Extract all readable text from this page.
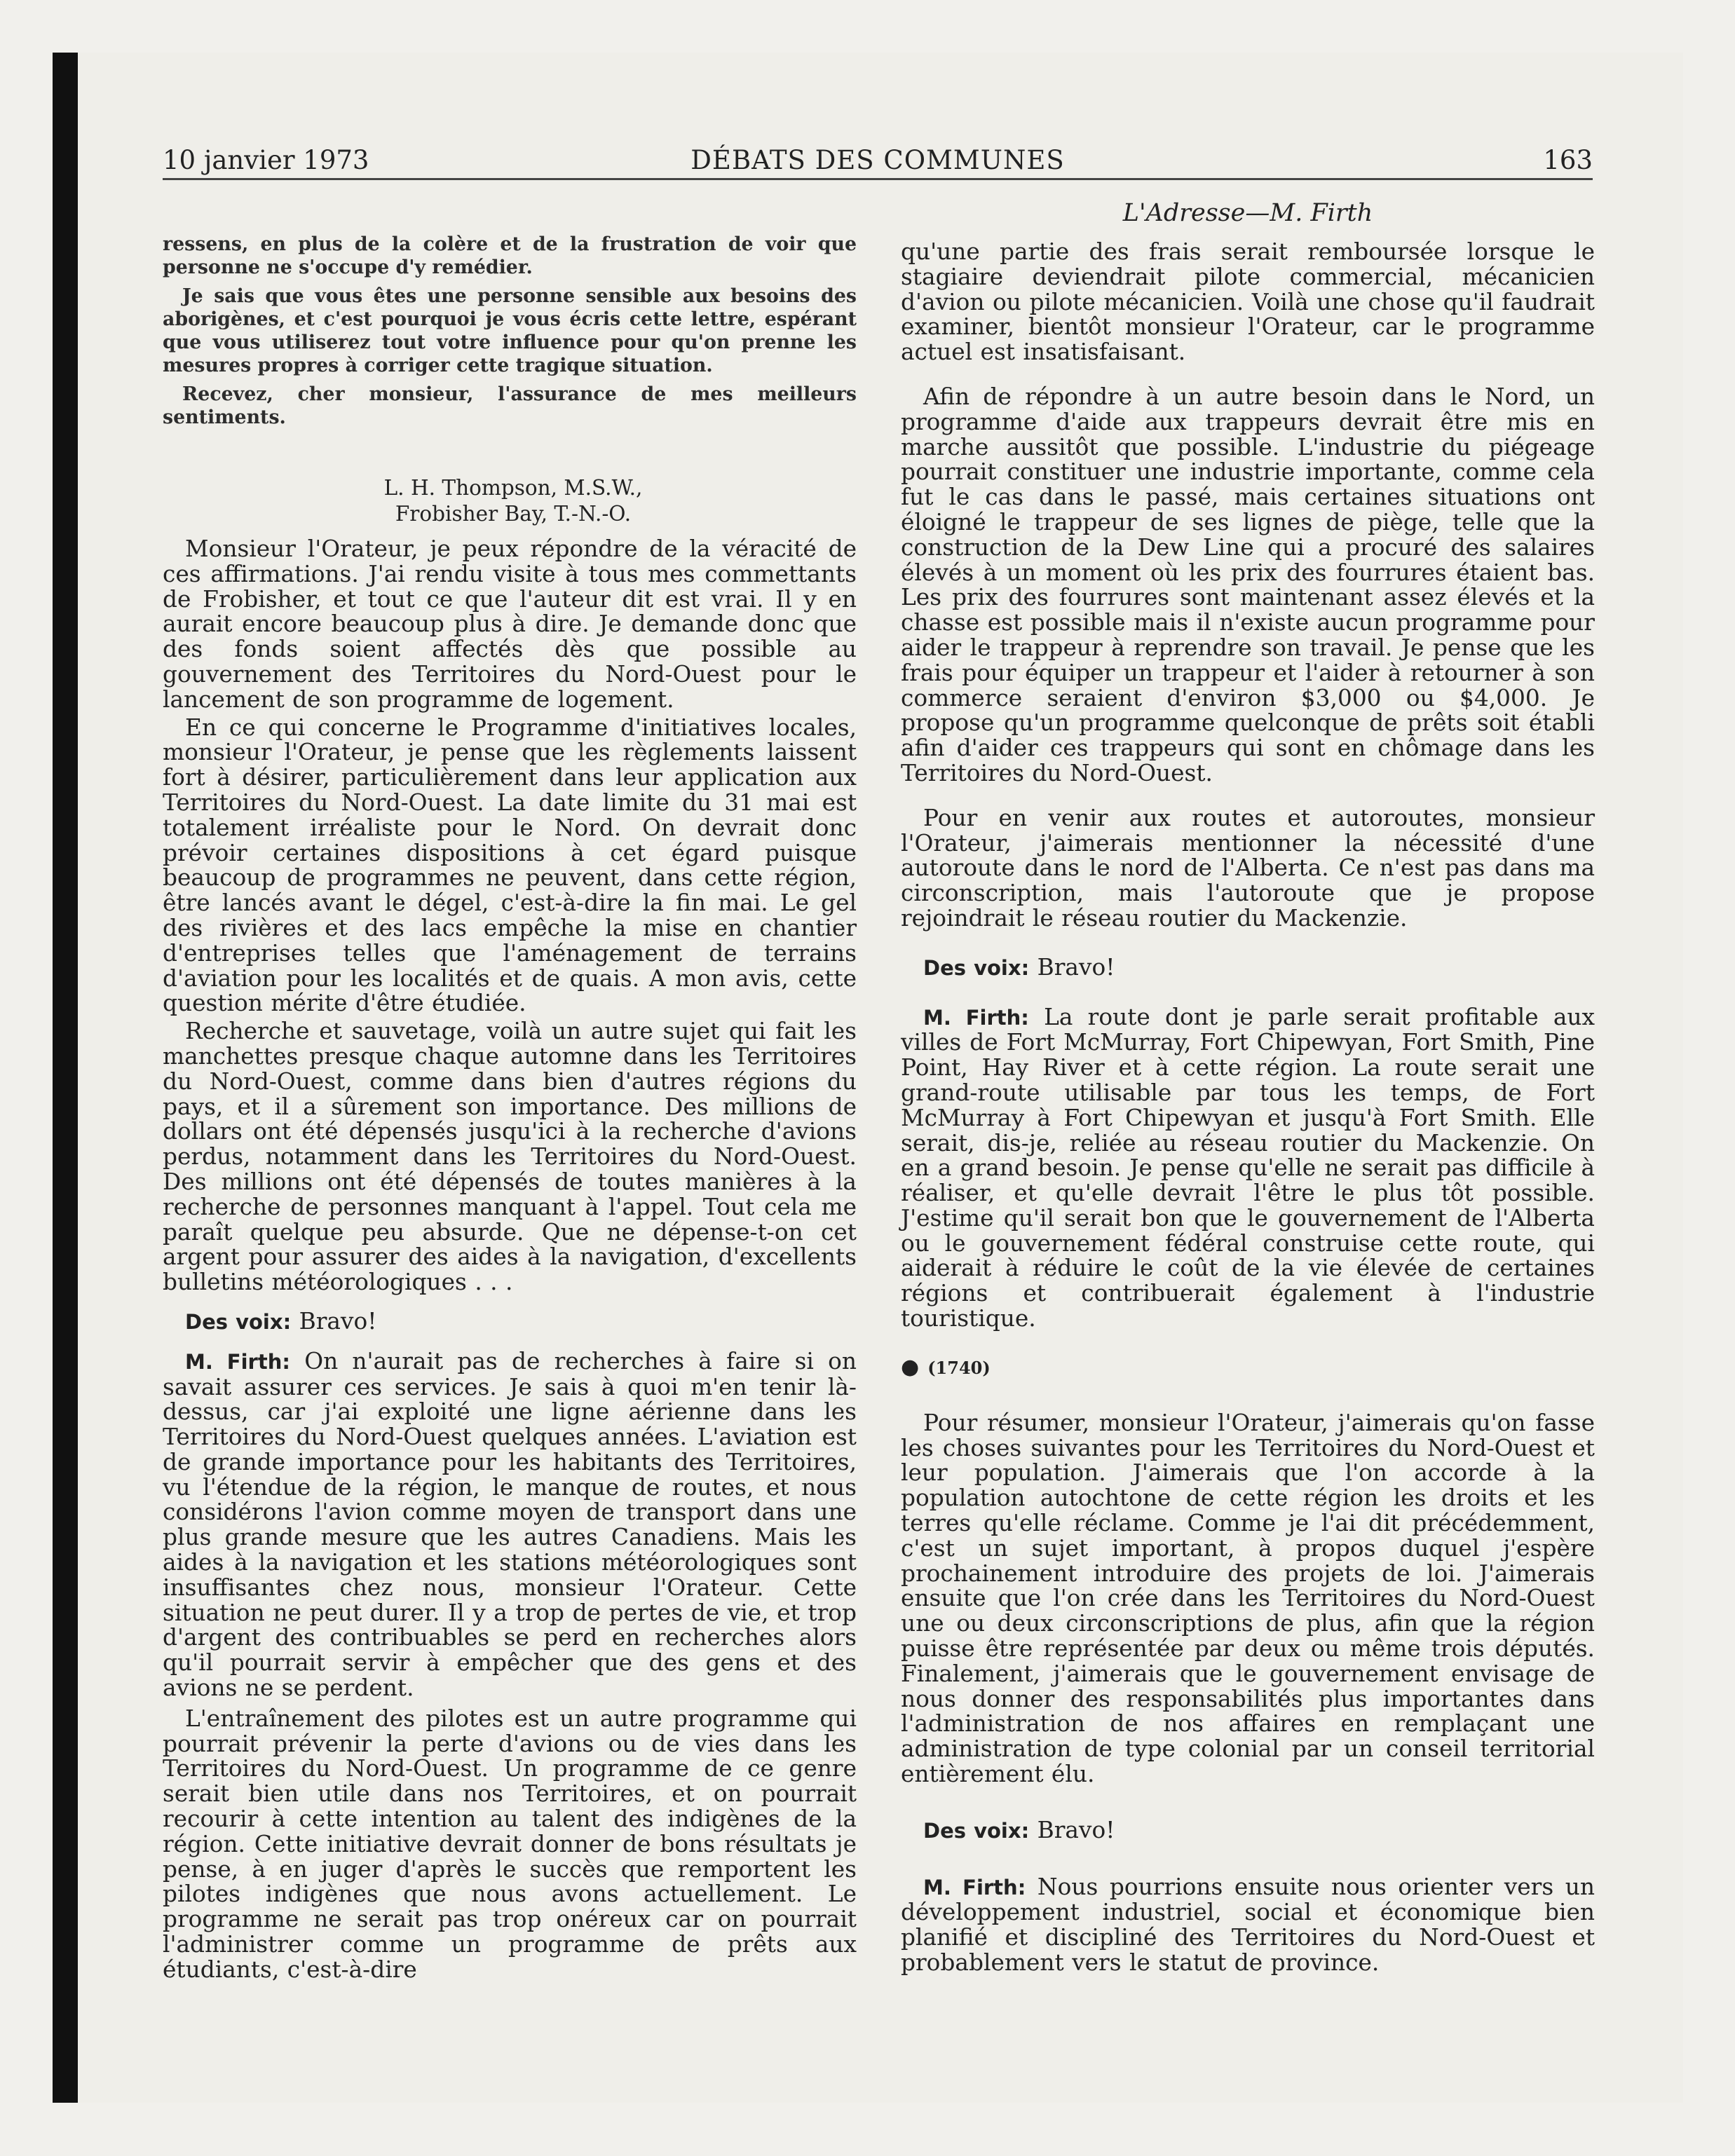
10 janvier 1973	DÉBATS DES COMMUNES	163
L'Adresse—M. Firth

ressens, en plus de la colère et de la frustration de voir que personne ne s'occupe d'y remédier.

Je sais que vous êtes une personne sensible aux besoins des aborigènes, et c'est pourquoi je vous écris cette lettre, espérant que vous utiliserez tout votre influence pour qu'on prenne les mesures propres à corriger cette tragique situation.

Recevez, cher monsieur, l'assurance de mes meilleurs sentiments.

L. H. Thompson, M.S.W.,
Frobisher Bay, T.-N.-O.

Monsieur l'Orateur, je peux répondre de la véracité de ces affirmations. J'ai rendu visite à tous mes commettants de Frobisher, et tout ce que l'auteur dit est vrai. Il y en aurait encore beaucoup plus à dire. Je demande donc que des fonds soient affectés dès que possible au gouvernement des Territoires du Nord-Ouest pour le lancement de son programme de logement.

En ce qui concerne le Programme d'initiatives locales, monsieur l'Orateur, je pense que les règlements laissent fort à désirer, particulièrement dans leur application aux Territoires du Nord-Ouest. La date limite du 31 mai est totalement irréaliste pour le Nord. On devrait donc prévoir certaines dispositions à cet égard puisque beaucoup de programmes ne peuvent, dans cette région, être lancés avant le dégel, c'est-à-dire la fin mai. Le gel des rivières et des lacs empêche la mise en chantier d'entreprises telles que l'aménagement de terrains d'aviation pour les localités et de quais. A mon avis, cette question mérite d'être étudiée.

Recherche et sauvetage, voilà un autre sujet qui fait les manchettes presque chaque automne dans les Territoires du Nord-Ouest, comme dans bien d'autres régions du pays, et il a sûrement son importance. Des millions de dollars ont été dépensés jusqu'ici à la recherche d'avions perdus, notamment dans les Territoires du Nord-Ouest. Des millions ont été dépensés de toutes manières à la recherche de personnes manquant à l'appel. Tout cela me paraît quelque peu absurde. Que ne dépense-t-on cet argent pour assurer des aides à la navigation, d'excellents bulletins météorologiques . . .

Des voix: Bravo!

M. Firth: On n'aurait pas de recherches à faire si on savait assurer ces services. Je sais à quoi m'en tenir là-dessus, car j'ai exploité une ligne aérienne dans les Territoires du Nord-Ouest quelques années. L'aviation est de grande importance pour les habitants des Territoires, vu l'étendue de la région, le manque de routes, et nous considérons l'avion comme moyen de transport dans une plus grande mesure que les autres Canadiens. Mais les aides à la navigation et les stations météorologiques sont insuffisantes chez nous, monsieur l'Orateur. Cette situation ne peut durer. Il y a trop de pertes de vie, et trop d'argent des contribuables se perd en recherches alors qu'il pourrait servir à empêcher que des gens et des avions ne se perdent.

L'entraînement des pilotes est un autre programme qui pourrait prévenir la perte d'avions ou de vies dans les Territoires du Nord-Ouest. Un programme de ce genre serait bien utile dans nos Territoires, et on pourrait recourir à cette intention au talent des indigènes de la région. Cette initiative devrait donner de bons résultats je pense, à en juger d'après le succès que remportent les pilotes indigènes que nous avons actuellement. Le programme ne serait pas trop onéreux car on pourrait l'administrer comme un programme de prêts aux étudiants, c'est-à-dire

qu'une partie des frais serait remboursée lorsque le stagiaire deviendrait pilote commercial, mécanicien d'avion ou pilote mécanicien. Voilà une chose qu'il faudrait examiner, bientôt monsieur l'Orateur, car le programme actuel est insatisfaisant.

Afin de répondre à un autre besoin dans le Nord, un programme d'aide aux trappeurs devrait être mis en marche aussitôt que possible. L'industrie du piégeage pourrait constituer une industrie importante, comme cela fut le cas dans le passé, mais certaines situations ont éloigné le trappeur de ses lignes de piège, telle que la construction de la Dew Line qui a procuré des salaires élevés à un moment où les prix des fourrures étaient bas. Les prix des fourrures sont maintenant assez élevés et la chasse est possible mais il n'existe aucun programme pour aider le trappeur à reprendre son travail. Je pense que les frais pour équiper un trappeur et l'aider à retourner à son commerce seraient d'environ $3,000 ou $4,000. Je propose qu'un programme quelconque de prêts soit établi afin d'aider ces trappeurs qui sont en chômage dans les Territoires du Nord-Ouest.

Pour en venir aux routes et autoroutes, monsieur l'Orateur, j'aimerais mentionner la nécessité d'une autoroute dans le nord de l'Alberta. Ce n'est pas dans ma circonscription, mais l'autoroute que je propose rejoindrait le réseau routier du Mackenzie.

Des voix: Bravo!

M. Firth: La route dont je parle serait profitable aux villes de Fort McMurray, Fort Chipewyan, Fort Smith, Pine Point, Hay River et à cette région. La route serait une grand-route utilisable par tous les temps, de Fort McMurray à Fort Chipewyan et jusqu'à Fort Smith. Elle serait, dis-je, reliée au réseau routier du Mackenzie. On en a grand besoin. Je pense qu'elle ne serait pas difficile à réaliser, et qu'elle devrait l'être le plus tôt possible. J'estime qu'il serait bon que le gouvernement de l'Alberta ou le gouvernement fédéral construise cette route, qui aiderait à réduire le coût de la vie élevée de certaines régions et contribuerait également à l'industrie touristique.

● (1740)

Pour résumer, monsieur l'Orateur, j'aimerais qu'on fasse les choses suivantes pour les Territoires du Nord-Ouest et leur population. J'aimerais que l'on accorde à la population autochtone de cette région les droits et les terres qu'elle réclame. Comme je l'ai dit précédemment, c'est un sujet important, à propos duquel j'espère prochainement introduire des projets de loi. J'aimerais ensuite que l'on crée dans les Territoires du Nord-Ouest une ou deux circonscriptions de plus, afin que la région puisse être représentée par deux ou même trois députés. Finalement, j'aimerais que le gouvernement envisage de nous donner des responsabilités plus importantes dans l'administration de nos affaires en remplaçant une administration de type colonial par un conseil territorial entièrement élu.

Des voix: Bravo!

M. Firth: Nous pourrions ensuite nous orienter vers un développement industriel, social et économique bien planifié et discipliné des Territoires du Nord-Ouest et probablement vers le statut de province.
